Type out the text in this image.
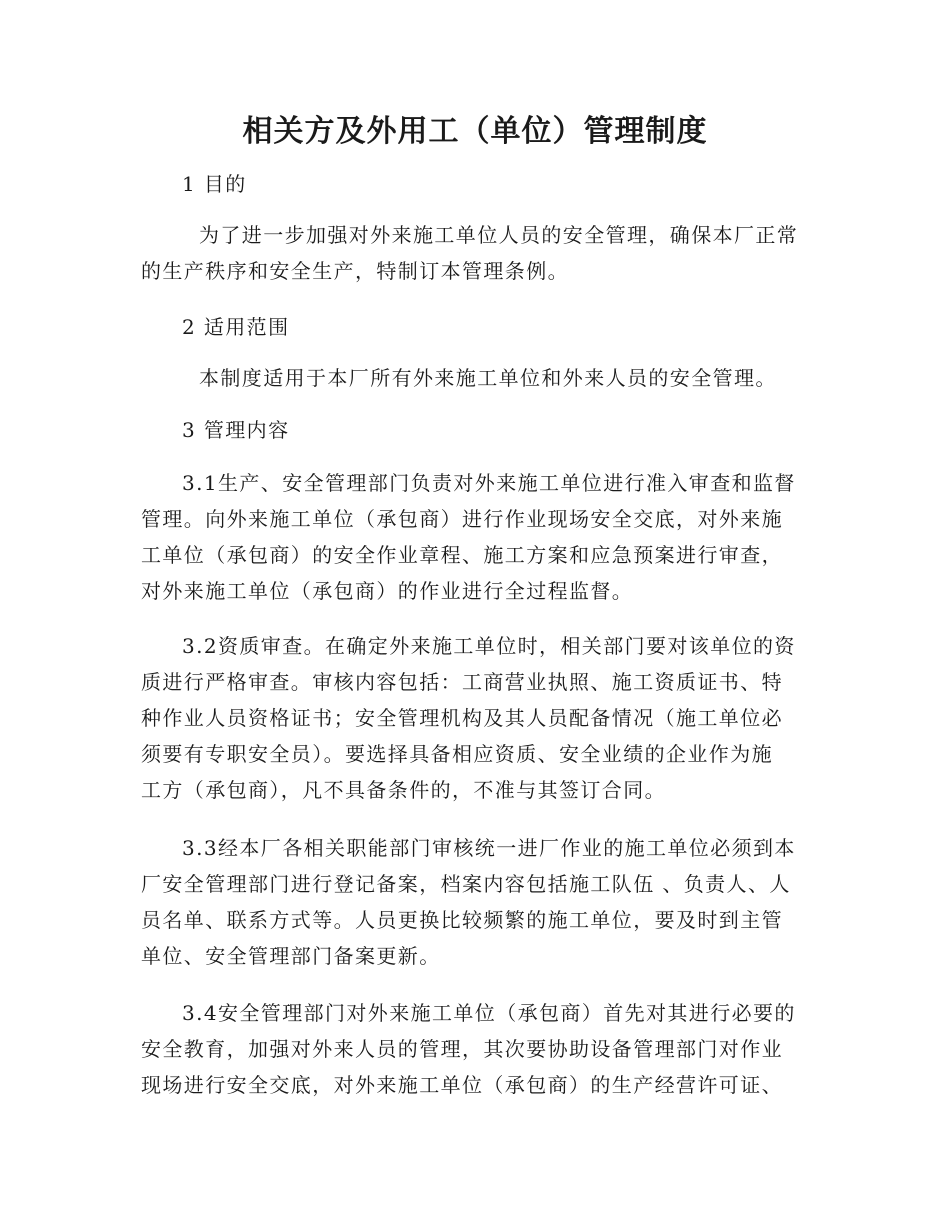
相关方及外用工（单位）管理制度
1 目的
为了进一步加强对外来施工单位人员的安全管理，确保本厂正常
的生产秩序和安全生产，特制订本管理条例。
2 适用范围
本制度适用于本厂所有外来施工单位和外来人员的安全管理。
3 管理内容
3.1生产、安全管理部门负责对外来施工单位进行准入审查和监督
管理。向外来施工单位（承包商）进行作业现场安全交底，对外来施
工单位（承包商）的安全作业章程、施工方案和应急预案进行审查，
对外来施工单位（承包商）的作业进行全过程监督。
3.2资质审查。在确定外来施工单位时，相关部门要对该单位的资
质进行严格审查。审核内容包括：工商营业执照、施工资质证书、特
种作业人员资格证书；安全管理机构及其人员配备情况（施工单位必
须要有专职安全员）。要选择具备相应资质、安全业绩的企业作为施
工方（承包商），凡不具备条件的，不准与其签订合同。
3.3经本厂各相关职能部门审核统一进厂作业的施工单位必须到本
厂安全管理部门进行登记备案，档案内容包括施工队伍 、负责人、人
员名单、联系方式等。人员更换比较频繁的施工单位，要及时到主管
单位、安全管理部门备案更新。
3.4安全管理部门对外来施工单位（承包商）首先对其进行必要的
安全教育，加强对外来人员的管理，其次要协助设备管理部门对作业
现场进行安全交底，对外来施工单位（承包商）的生产经营许可证、
